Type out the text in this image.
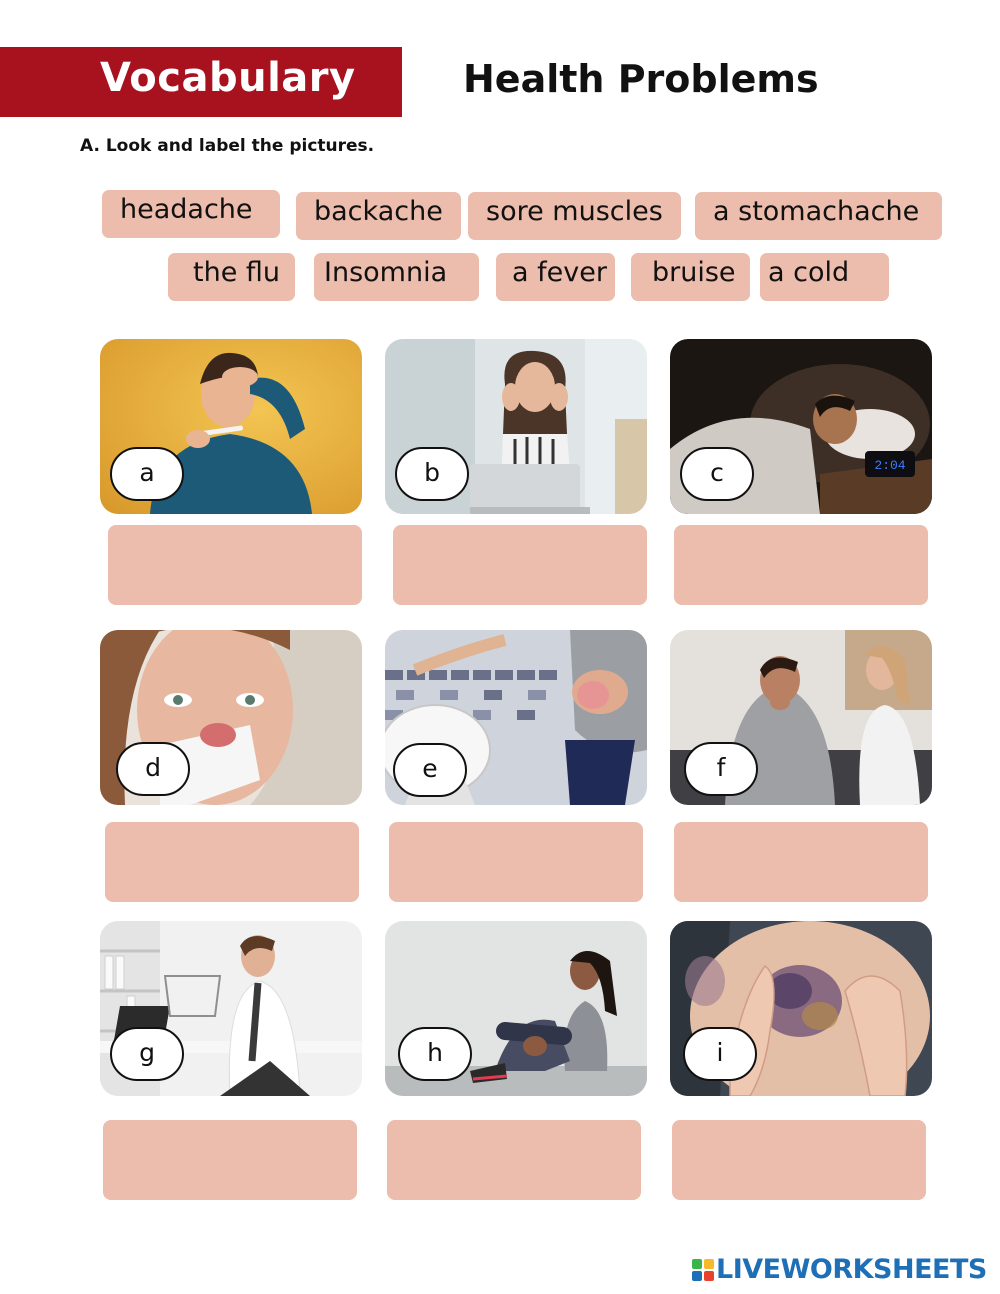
Vocabulary	Health Problems
A. Look and label the pictures.
headache	backache	sore muscles	a stomachache
the flu	Insomnia	a fever	bruise	a cold
a	b	2:04
c
d	e	f
g	h	i
LIVEWORKSHEETS
